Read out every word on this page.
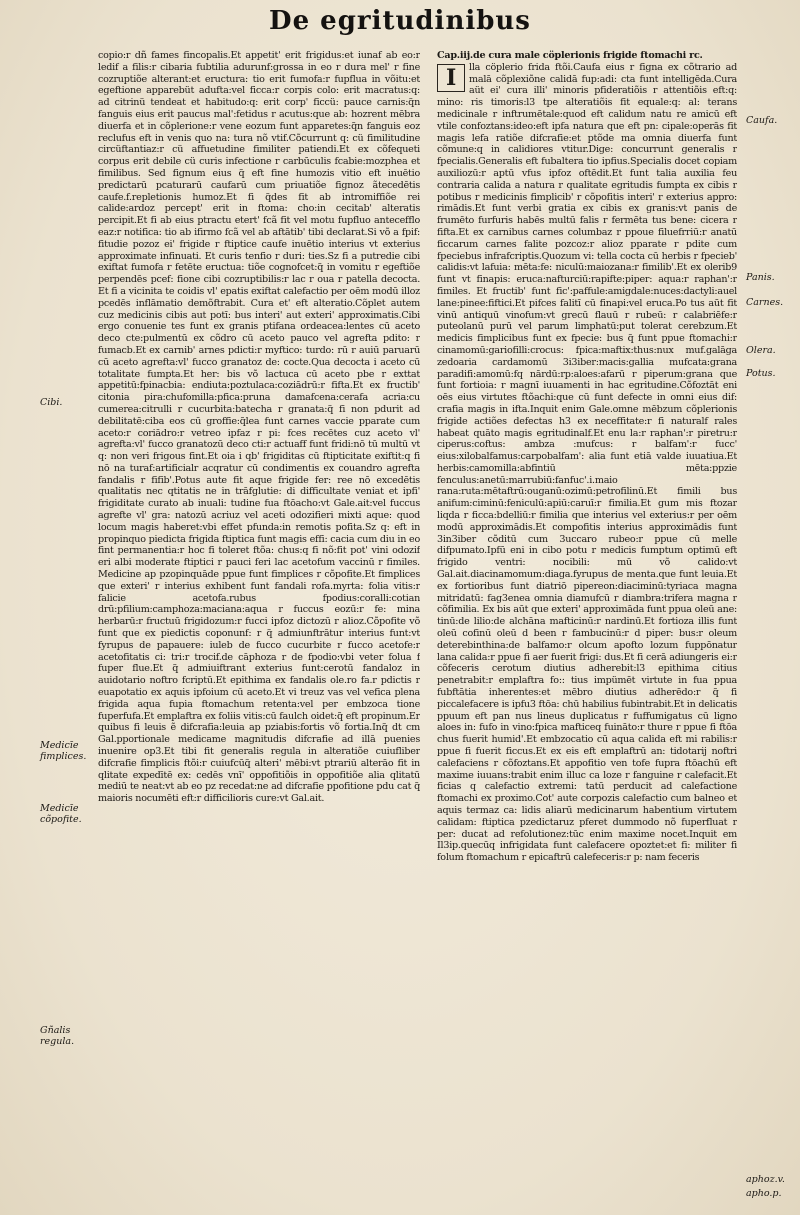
De egritudinibus

copio:r dñ fames fincopalis.Et appetit' erit frigidus:et iunaf ab eo:r ledif a filis:r cibaria fubtilia adurunf:grossa in eo r dura mel' r fine cozruptiõe alterant:et eructura: tio erit fumofa:r fupflua in võitu:et egeftione apparebüt adufta:vel ficca:r corpis colo: erit macratus:q: ad citrinü tendeat et habitudo:q: erit corp' ficcü: pauce carnis:q̃n fanguis eius erit paucus mal':fetidus r acutus:que ab: hozrent mēbra diuerfa et in cõplerione:r vene eozum funt apparetes:q̃n fanguis eoz reclufus eft in venis quo na: tura nõ vtif.Cõcurrunt q: cü fimilitudine circüftantiaz:r cü affuetudine fimiliter patiendi.Et ex cõfequeti corpus erit debile cü curis infectione r carbūculis fcabie:mozphea et fimilibus. Sed fignum eius q̃ eft fine humozis vitio eft inuētio predictarū pcaturarū caufarū cum priuatiõe fignoz ãtecedētis caufe.f.repletionis humoz.Et fi q̃des fit ab intromiffiõe rei calide:ardoz percept' erit in ftoma: cho:in cecitab' alteratis percipit.Et fi ab eius ptractu etert' fcã fit vel motu fupfluo antecefflo eaz:r notifica: tio ab ifirmo fcã vel ab aftātib' tibi declarat.Si võ a fpif: fitudie pozoz ei' frigide r ftiptice caufe inuētio interius vt exterius approximate infinuati. Et curis tenfio r duri: ties.Sz fi a putredie cibi exiftat fumofa r fetēte eructua: tiõe cognofcet:q̃ in vomitu r egeftiõe perpendēs pcef: fione cibi cozruptibilis:r lac r oua r patella decocta. Et fi a vicinita te coidis vl' epatis exiftat calefactio per oēm modū illoz pcedēs inflāmatio demõftrabit. Cura et' eft alteratio.Cõplet autem cuz medicinis cibis aut potī: bus interi' aut exteri' approximatis.Cibi ergo conuenie tes funt ex granis ptifana ordeacea:lentes cū aceto deco cte:pulmentū ex cõdro cū aceto pauco vel agrefta pdito: r fumacb.Et ex carnib' arnes pdicti:r myftico: turdo: rū r auiū paruarū cū aceto agrefta:vl' fucco granatoz de: cocte.Qua decocta i aceto cū totalitate fumpta.Et her: bis võ lactuca cū aceto pbe r exttat appetitū:fpinacbia: endiuta:poztulaca:coziādrū:r fifta.Et ex fructib' citonia pira:chufomilla:pfica:pruna damafcena:cerafa acria:cu cumerea:citrulli r cucurbita:batecha r granata:q̃ fi non pdurit ad debilitatē:ciba eos cū groffie:q̃lea funt carnes vaccie pparate cum aceto:r coriādro:r vetreo ipfaz r pi: fces recētes cuz aceto vl' agrefta:vl' fucco granatozū deco cti:r actuaff funt fridi:nō tū multū vt q: non veri frigous fint.Et oia i qb' frigiditas cū ftipticitate exiftit:q fi nō na turaf:artificialr acqratur cū condimentis ex couandro agrefta fandalis r fifib'.Potus aute fit aque frigide fer: ree nō excedētis qualitatis nec qtitatis ne in trāfglutie: di difficultate veniat et ipfi' frigiditate curato ab inuali: tudine fua ftōacho:vt Gale.ait:vel fuccus agrefte vl' gra: natozū acriuz vel aceti odozifieri mixti aque: quod locum magis haberet:vbi effet pfunda:in remotis pofita.Sz q: eft in propinquo piedicta frigida ftiptica funt magis effi: cacia cum diu in eo fint permanentia:r hoc fi toleret ftõa: chus:q fi nõ:fit pot' vini odozif eri albi moderate ftiptici r pauci feri lac acetofum vaccinū r fimiles. Medicine ap pzopinquāde ppue funt fimplices r cõpofite.Et fimplices que exteri' r interius exhibent funt fandali rofa.myrta: folia vitis:r falicie acetofa.rubus fpodius:coralli:cotian drū:pfilium:camphoza:maciana:aqua r fuccus eozū:r fe: mina herbarū:r fructuū frigidozum:r fucci ipfoz dictozū r alioz.Cõpofite võ funt que ex piedictis coponunf: r q̃ admiunftrātur interius funt:vt fyrupus de papauere: iuleb de fucco cucurbite r fucco acetofe:r acetofitatis ci: tri:r trocif.de cāphoza r de fpodio:vbi veter folua f fuper flue.Et q̃ admiuiftrant exterius funt:cerotū fandaloz in auidotario noftro fcriptū.Et epithima ex fandalis ole.ro fa.r pdictis r euapotatio ex aquis ipfoium cū aceto.Et vi treuz vas vel vefica plena frigida aqua fupia ftomachum retenta:vel per embzoca tione fuperfufa.Et emplaftra ex foliis vitis:cū faulch oidet:q̃ eft propinum.Er quibus fi leuis ẽ difcrafia:leuia ap pziabis:fortis võ fortia.Inq̃ dt cm Gal.pportionale medicame magnitudis difcrafie ad illā puenies inuenire op3.Et tibi fit generalis regula in alteratiõe cuiufliber difcrafie fimplicis ftõi:r cuiufcūq̃ alteri' mēbi:vt ptrariū alterāo fit in qlitate expedītē ex: cedēs vnī' oppofitiõis in oppofitiõe alia qlitatū mediū te neat:vt ab eo pz recedat:ne ad difcrafie ppofitione pdu cat q̃ maioris nocumēti eft:r difficilioris cure:vt Gal.ait.

Cap.iij.de cura male cöplerionis frigide ftomachi rc.

I	lla cöplerio frida ftõi.Caufa eius r figna ex cõtrario ad malā cõplexiõne calidā fup:adi: cta funt intelligēda.Cura aüt ei' cura illi' minoris pfideratiõis r attentiõis eft:q: mino: ris timoris:l3 tpe alteratiõis fit equale:q: al: terans medicinale r inftrumētale:quod eft calidum natu re amicū eft vtile confoztans:ideo:eft ipfa natura que eft pn: cipale:operās fit magis lefa ratiõe difcrafie:et ptõde ma omnia diuerfa funt cõmune:q in calidiores vtitur.Dige: concurrunt generalis r fpecialis.Generalis eft fubaltera tio ipfius.Specialis docet copiam auxiliozū:r aptū vfus ipfoz oftēdit.Et funt talia auxilia feu contraria calida a natura r qualitate egritudis fumpta ex cibis r potibus r medicinis fimplicib' r cõpofitis interi' r exterius appro: rimādis.Et funt verbi gratia ex cibis ex granis:vt panis de frumēto furfuris habēs multū falis r fermēta tus bene: cicera r fifta.Et ex carnibus carnes columbaz r ppoue filuefrriū:r anatū ficcarum carnes falite pozcoz:r alioz pparate r pdite cum fpeciebus infrafcriptis.Quozum vi: tella cocta cū herbis r fpecieb' calidis:vt lafuia: mēta:fe: niculū:maiozana:r fimilib'.Et ex olerib9 funt vt finapis: eruca:nafturciū:rapifte:piper: aqua:r raphan':r fimiles. Et fructib' funt fic':paffule:amigdale:nuces:dactyli:auel lane:pinee:fiftici.Et pifces falitī cū finapi:vel eruca.Po tus aūt fit vinū antiquū vinofum:vt grecū flauū r rubeū: r calabriēfe:r puteolanū purū vel parum limphatū:put tolerat cerebzum.Et medicis fimplicibus funt ex fpecie: bus q̃ funt ppue ftomachi:r cinamomū:gariofilli:crocus: fpica:maftix:thus:nux muf.galāga zedoaria cardamomū 3i3iber:macis:gallia mufcata:grana paradifi:amomū:fq nārdū:rp:aloes:afarū r piperum:grana que funt fortioia: r magnī iuuamenti in hac egritudine.Cõfoztāt eni oēs eius virtutes ftõachi:que cū funt defecte in omni eius dif: crafia magis in ifta.Inquit enim Gale.omne mēbzum cõplerionis frigide actiões defectas h3 ex neceffitate:r fi naturalf rales habeat quāto magis egritudinalf.Et enu la:r raphan':r piretru:r ciperus:coftus: ambza :mufcus: r balfam':r fucc' eius:xilobalfamus:carpobalfam': alia funt etiā valde iuuatiua.Et herbis:camomilla:abfintiū mēta:ppzie fenculus:anetū:marrubiū:fanfuc'.i.maio rana:ruta:mētaftrū:ouganū:ozimū:petrofilinū.Et fimili bus anifum:ciminū:feniculū:apiū:caruī:r fimilia.Et gum mis ftozar liqda r ficca:bdelliū:r fimilia que interius vel exterius:r per oēm modū approximādis.Et compofitis interius approximādis funt 3in3iber cõditū cum 3uccaro rubeo:r ppue cū melle difpumato.Ipfū eni in cibo potu r medicis fumptum optimū eft frigido ventri: nocibili: mū võ calido:vt Gal.ait.diacinamomum:diaga.fyrupus de menta.que funt leuia.Et ex fortioribus funt diatriō pipereon:diaciminū:tyriaca magna mitridatū: fag3enea omnia diamufcū r diambra:trifera magna r cõfimilia. Ex bis aūt que exteri' approximāda funt ppua oleū ane: tinū:de lilio:de alchāna mafticinū:r nardinū.Et fortioza illis funt oleū cofinū oleū d been r fambucinū:r d piper: bus:r oleum deterebinthina:de balfamo:r olcum apofto lozum fuppōnatur lana calida:r ppue fi aer fuerit frigi: dus.Et fi cerā adiungeris ei:r cõfeceris cerotum diutius adherebit:l3 epithima citius penetrabit:r emplaftra fo:: tius impümēt virtute in fua ppua fubftātia inherentes:et mēbro diutius adherēdo:r q̃ fi piccalefacere is ipfu3 ftōa: chū habilius fubintrabit.Et in delicatis ppuum eft pan nus lineus duplicatus r fuffumigatus cū ligno aloes in: fufo in vino:fpica mafticeq fuināto:r thure r ppue fi ftōa chus fuerit humid'.Et embzocatio cū aqua calida eft mi rabilis:r ppue fi fuerit ficcus.Et ex eis eft emplaftrū an: tidotarij noftri calefaciens r cõfoztans.Et appofitio ven tofe fupra ftōachū eft maxime iuuans:trabit enim illuc ca loze r fanguine r calefacit.Et ficias q calefactio extremi: tatū perducit ad calefactione ftomachi ex proximo.Cot' aute corpozis calefactio cum balneo et aquis termaz ca: lidis aliarū medicinarum habentium virtutem calidam: ftiptica pzedictaruz pferet dummodo nõ fuperfluat r per: ducat ad refolutionez:tūc enim maxime nocet.Inquit em Il3ip.quecūq infrigidata funt calefacere opoztet:et fi: militer fi folum ftomachum r epicaftrū calefeceris:r p: nam feceris

Cibi.
Medicīe fimplices.
Medicīe cõpofite.
Gñalis regula.
Caufa.
Panis.
Carnes.
Olera.
Potus.
aphoz.v.
apho.p.
